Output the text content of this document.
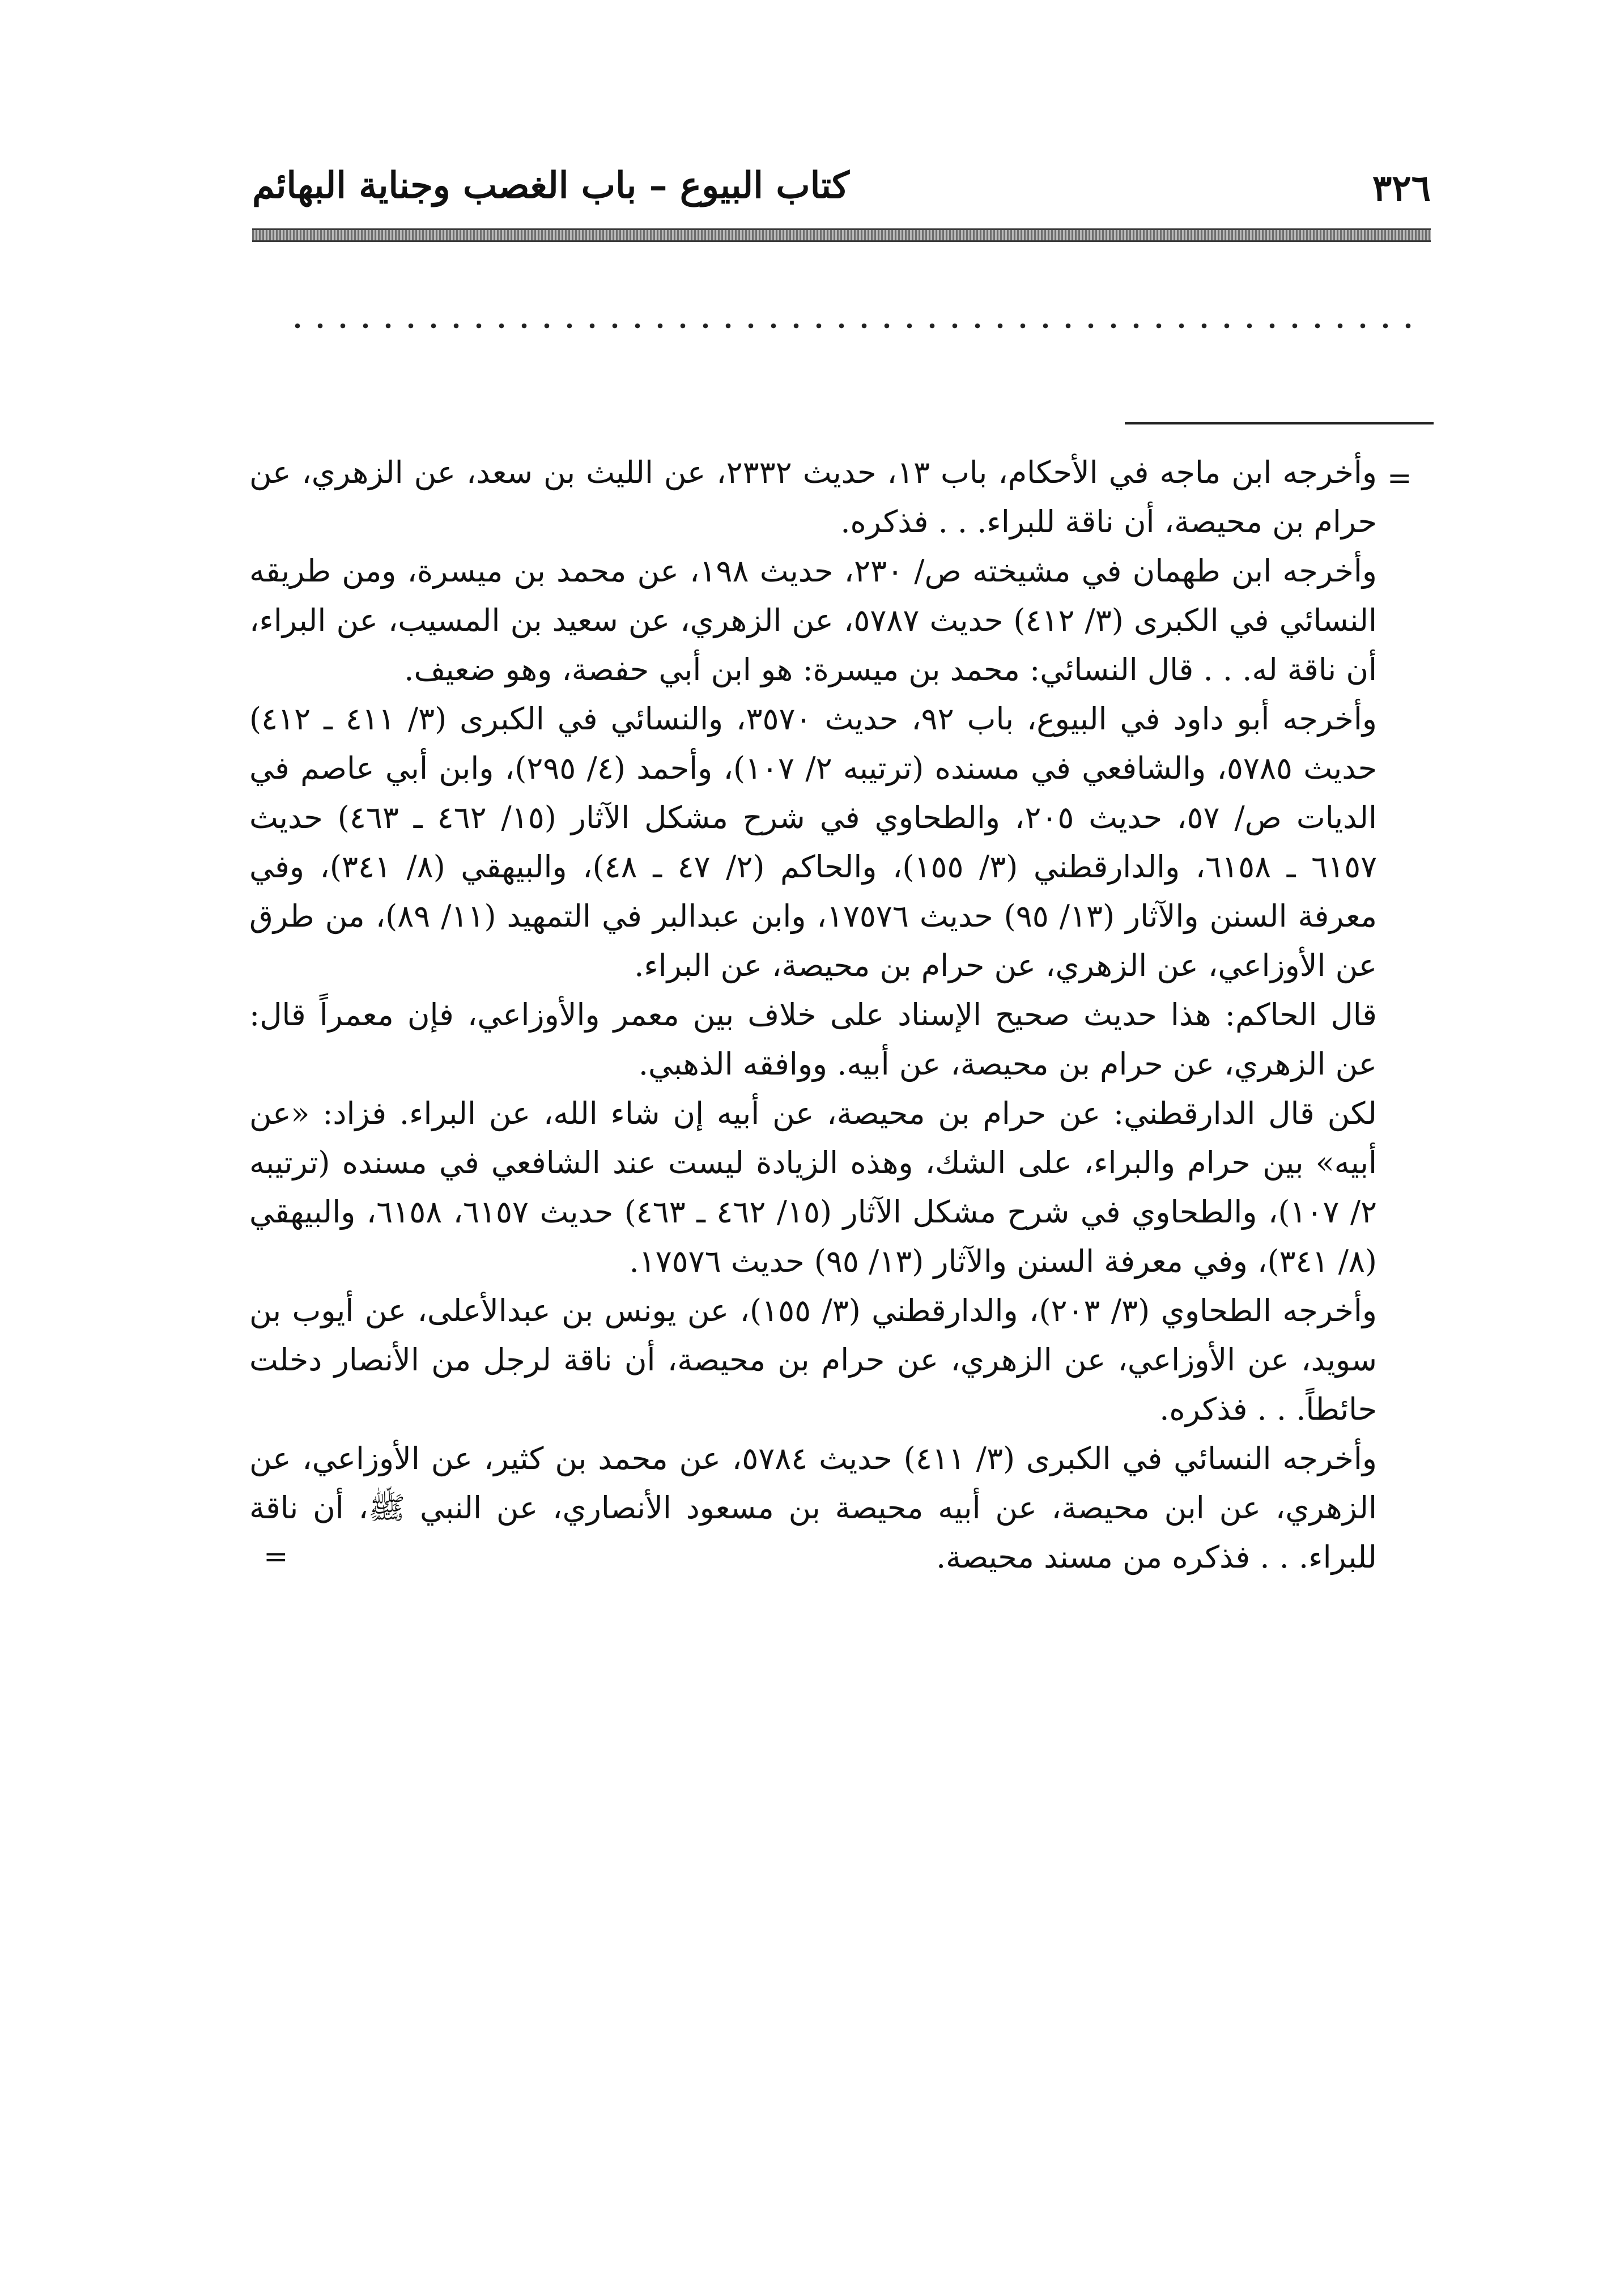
٣٢٦
كتاب البيوع – باب الغصب وجناية البهائم
=

وأخرجه ابن ماجه في الأحكام، باب ١٣، حديث ٢٣٣٢، عن الليث بن سعد، عن الزهري، عن حرام بن محيصة، أن ناقة للبراء. . . فذكره.

وأخرجه ابن طهمان في مشيخته ص/ ٢٣٠، حديث ١٩٨، عن محمد بن ميسرة، ومن طريقه النسائي في الكبرى (٣/ ٤١٢) حديث ٥٧٨٧، عن الزهري، عن سعيد بن المسيب، عن البراء، أن ناقة له. . . قال النسائي: محمد بن ميسرة: هو ابن أبي حفصة، وهو ضعيف.

وأخرجه أبو داود في البيوع، باب ٩٢، حديث ٣٥٧٠، والنسائي في الكبرى (٣/ ٤١١ ـ ٤١٢) حديث ٥٧٨٥، والشافعي في مسنده (ترتيبه ٢/ ١٠٧)، وأحمد (٤/ ٢٩٥)، وابن أبي عاصم في الديات ص/ ٥٧، حديث ٢٠٥، والطحاوي في شرح مشكل الآثار (١٥/ ٤٦٢ ـ ٤٦٣) حديث ٦١٥٧ ـ ٦١٥٨، والدارقطني (٣/ ١٥٥)، والحاكم (٢/ ٤٧ ـ ٤٨)، والبيهقي (٨/ ٣٤١)، وفي معرفة السنن والآثار (١٣/ ٩٥) حديث ١٧٥٧٦، وابن عبدالبر في التمهيد (١١/ ٨٩)، من طرق عن الأوزاعي، عن الزهري، عن حرام بن محيصة، عن البراء.

قال الحاكم: هذا حديث صحيح الإسناد على خلاف بين معمر والأوزاعي، فإن معمراً قال: عن الزهري، عن حرام بن محيصة، عن أبيه. ووافقه الذهبي.

لكن قال الدارقطني: عن حرام بن محيصة، عن أبيه إن شاء الله، عن البراء. فزاد: «عن أبيه» بين حرام والبراء، على الشك، وهذه الزيادة ليست عند الشافعي في مسنده (ترتيبه ٢/ ١٠٧)، والطحاوي في شرح مشكل الآثار (١٥/ ٤٦٢ ـ ٤٦٣) حديث ٦١٥٧، ٦١٥٨، والبيهقي (٨/ ٣٤١)، وفي معرفة السنن والآثار (١٣/ ٩٥) حديث ١٧٥٧٦.

وأخرجه الطحاوي (٣/ ٢٠٣)، والدارقطني (٣/ ١٥٥)، عن يونس بن عبدالأعلى، عن أيوب بن سويد، عن الأوزاعي، عن الزهري، عن حرام بن محيصة، أن ناقة لرجل من الأنصار دخلت حائطاً. . . فذكره.

وأخرجه النسائي في الكبرى (٣/ ٤١١) حديث ٥٧٨٤، عن محمد بن كثير، عن الأوزاعي، عن الزهري، عن ابن محيصة، عن أبيه محيصة بن مسعود الأنصاري، عن النبي ﷺ، أن ناقة للبراء. . . فذكره من مسند محيصة.

=
